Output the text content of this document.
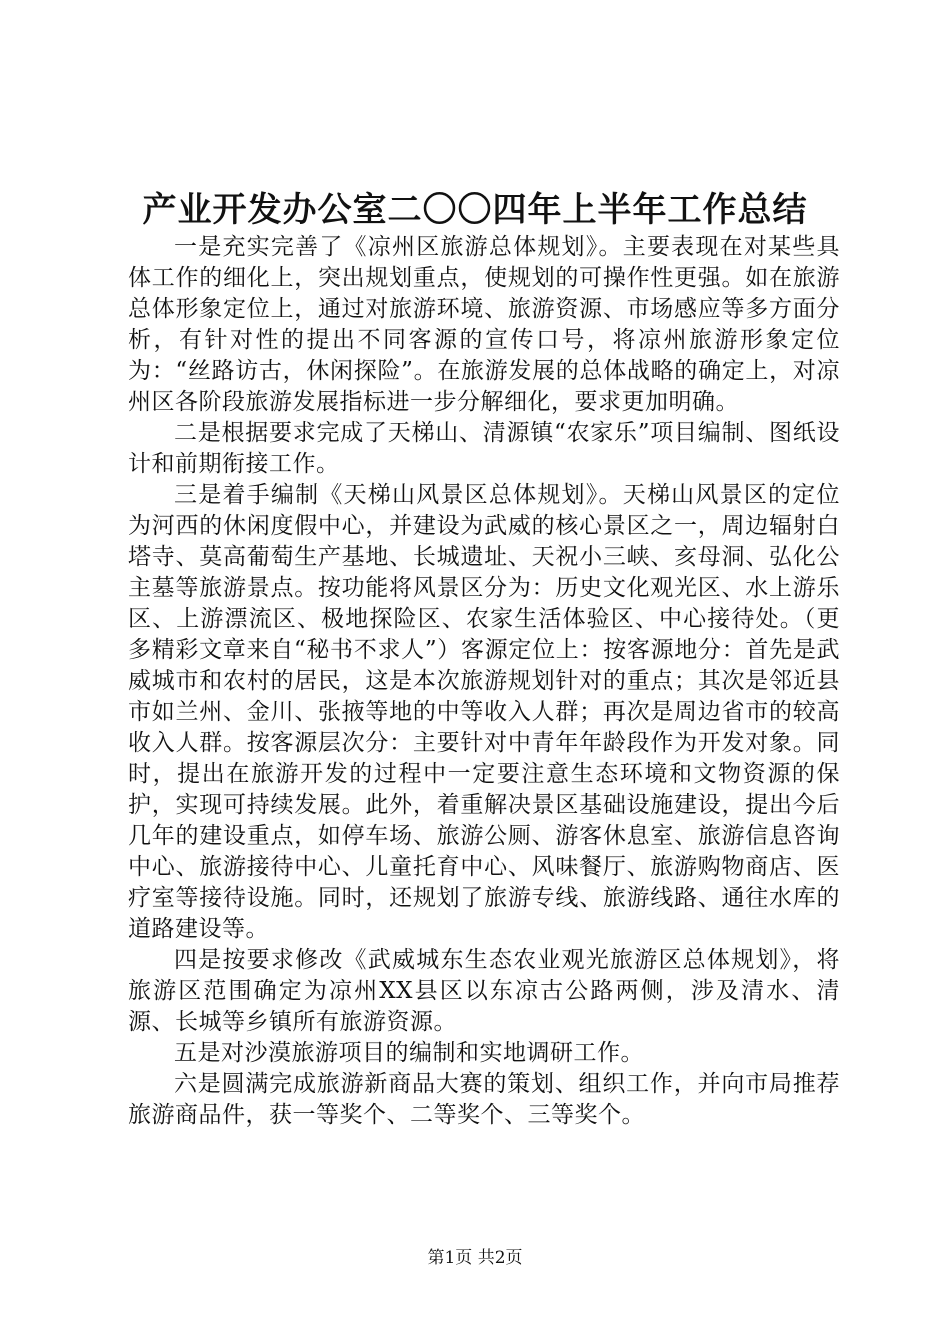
产业开发办公室二〇〇四年上半年工作总结

一是充实完善了《凉州区旅游总体规划》。主要表现在对某些具体工作的细化上，突出规划重点，使规划的可操作性更强。如在旅游总体形象定位上，通过对旅游环境、旅游资源、市场感应等多方面分析，有针对性的提出不同客源的宣传口号，将凉州旅游形象定位为：“丝路访古，休闲探险”。在旅游发展的总体战略的确定上，对凉州区各阶段旅游发展指标进一步分解细化，要求更加明确。

二是根据要求完成了天梯山、清源镇“农家乐”项目编制、图纸设计和前期衔接工作。

三是着手编制《天梯山风景区总体规划》。天梯山风景区的定位为河西的休闲度假中心，并建设为武威的核心景区之一，周边辐射白塔寺、莫高葡萄生产基地、长城遗址、天祝小三峡、亥母洞、弘化公主墓等旅游景点。按功能将风景区分为：历史文化观光区、水上游乐区、上游漂流区、极地探险区、农家生活体验区、中心接待处。（更多精彩文章来自“秘书不求人”）客源定位上：按客源地分：首先是武威城市和农村的居民，这是本次旅游规划针对的重点；其次是邻近县市如兰州、金川、张掖等地的中等收入人群；再次是周边省市的较高收入人群。按客源层次分：主要针对中青年年龄段作为开发对象。同时，提出在旅游开发的过程中一定要注意生态环境和文物资源的保护，实现可持续发展。此外，着重解决景区基础设施建设，提出今后几年的建设重点，如停车场、旅游公厕、游客休息室、旅游信息咨询中心、旅游接待中心、儿童托育中心、风味餐厅、旅游购物商店、医疗室等接待设施。同时，还规划了旅游专线、旅游线路、通往水库的道路建设等。

四是按要求修改《武威城东生态农业观光旅游区总体规划》，将旅游区范围确定为凉州XX县区以东凉古公路两侧，涉及清水、清源、长城等乡镇所有旅游资源。

五是对沙漠旅游项目的编制和实地调研工作。

六是圆满完成旅游新商品大赛的策划、组织工作，并向市局推荐旅游商品件，获一等奖个、二等奖个、三等奖个。

第1页 共2页
